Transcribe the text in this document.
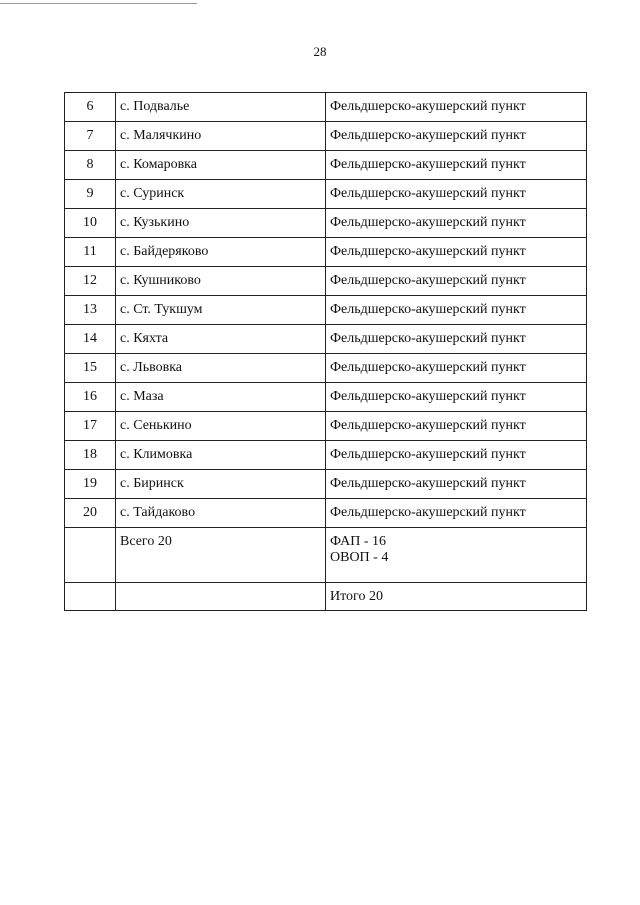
28
6	с. Подвалье	Фельдшерско-акушерский пункт
7	с. Малячкино	Фельдшерско-акушерский пункт
8	с. Комаровка	Фельдшерско-акушерский пункт
9	с. Суринск	Фельдшерско-акушерский пункт
10	с. Кузькино	Фельдшерско-акушерский пункт
11	с. Байдеряково	Фельдшерско-акушерский пункт
12	с. Кушниково	Фельдшерско-акушерский пункт
13	с. Ст. Тукшум	Фельдшерско-акушерский пункт
14	с. Кяхта	Фельдшерско-акушерский пункт
15	с. Львовка	Фельдшерско-акушерский пункт
16	с. Маза	Фельдшерско-акушерский пункт
17	с. Сенькино	Фельдшерско-акушерский пункт
18	с. Климовка	Фельдшерско-акушерский пункт
19	с. Биринск	Фельдшерско-акушерский пункт
20	с. Тайдаково	Фельдшерско-акушерский пункт
	Всего 20	ФАП - 16
ОВОП - 4

		Итого 20
